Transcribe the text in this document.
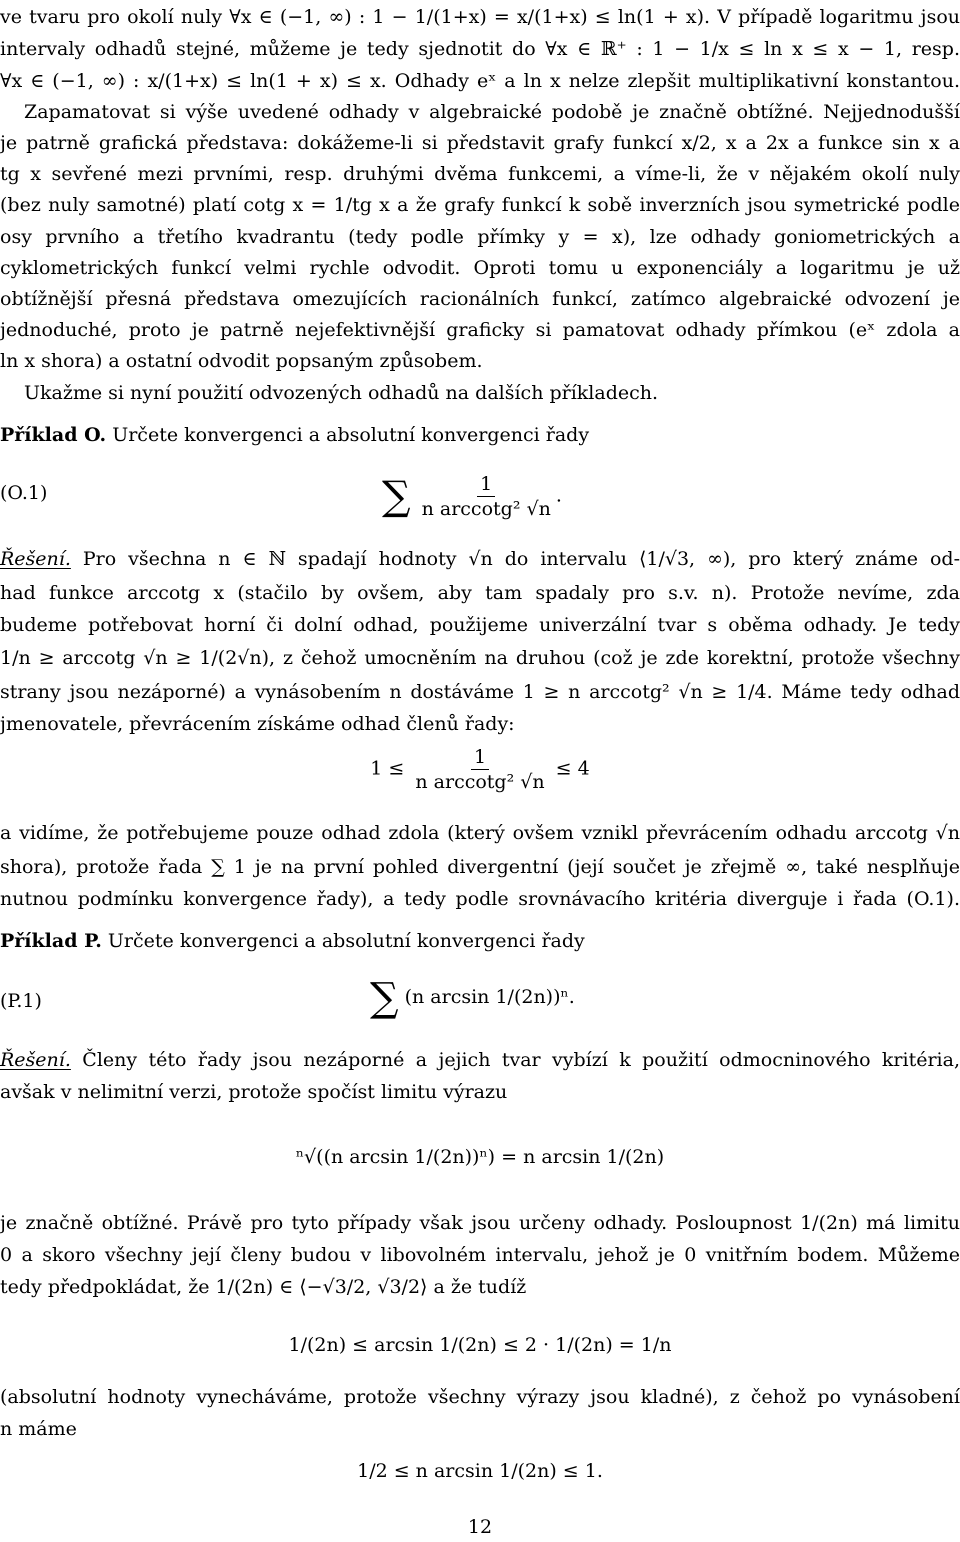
ve tvaru pro okolí nuly ∀x ∈ (−1, ∞) : 1 − 1/(1+x) = x/(1+x) ≤ ln(1 + x). V případě logaritmu jsou
intervaly odhadů stejné, můžeme je tedy sjednotit do ∀x ∈ ℝ⁺ : 1 − 1/x ≤ ln x ≤ x − 1, resp.
∀x ∈ (−1, ∞) : x/(1+x) ≤ ln(1 + x) ≤ x. Odhady eˣ a ln x nelze zlepšit multiplikativní konstantou.
Zapamatovat si výše uvedené odhady v algebraické podobě je značně obtížné. Nejjednodušší
je patrně grafická představa: dokážeme-li si představit grafy funkcí x/2, x a 2x a funkce sin x a
tg x sevřené mezi prvními, resp. druhými dvěma funkcemi, a víme-li, že v nějakém okolí nuly
(bez nuly samotné) platí cotg x = 1/tg x a že grafy funkcí k sobě inverzních jsou symetrické podle
osy prvního a třetího kvadrantu (tedy podle přímky y = x), lze odhady goniometrických a
cyklometrických funkcí velmi rychle odvodit. Oproti tomu u exponenciály a logaritmu je už
obtížnější přesná představa omezujících racionálních funkcí, zatímco algebraické odvození je
jednoduché, proto je patrně nejefektivnější graficky si pamatovat odhady přímkou (eˣ zdola a
ln x shora) a ostatní odvodit popsaným způsobem.
Ukažme si nyní použití odvozených odhadů na dalších příkladech.
Příklad O. Určete konvergenci a absolutní konvergenci řady
(O.1)	∑ $\frac{1}{\text{n arccotg² √n}}$ .
Řešení. Pro všechna n ∈ ℕ spadají hodnoty √n do intervalu ⟨1/√3, ∞), pro který známe od-
had funkce arccotg x (stačilo by ovšem, aby tam spadaly pro s.v. n). Protože nevíme, zda
budeme potřebovat horní či dolní odhad, použijeme univerzální tvar s oběma odhady. Je tedy
1/n ≥ arccotg √n ≥ 1/(2√n), z čehož umocněním na druhou (což je zde korektní, protože všechny
strany jsou nezáporné) a vynásobením n dostáváme 1 ≥ n arccotg² √n ≥ 1/4. Máme tedy odhad
jmenovatele, převrácením získáme odhad členů řady:
$1 \le \frac{1}{\text{n arccotg² √n}} \le 4$
a vidíme, že potřebujeme pouze odhad zdola (který ovšem vznikl převrácením odhadu arccotg √n
shora), protože řada ∑ 1 je na první pohled divergentní (její součet je zřejmě ∞, také nesplňuje
nutnou podmínku konvergence řady), a tedy podle srovnávacího kritéria diverguje i řada (O.1).
Příklad P. Určete konvergenci a absolutní konvergenci řady
(P.1)	∑ (n arcsin 1/(2n))ⁿ.
Řešení. Členy této řady jsou nezáporné a jejich tvar vybízí k použití odmocninového kritéria,
avšak v nelimitní verzi, protože spočíst limitu výrazu
ⁿ√((n arcsin 1/(2n))ⁿ) = n arcsin 1/(2n)
je značně obtížné. Právě pro tyto případy však jsou určeny odhady. Posloupnost 1/(2n) má limitu
0 a skoro všechny její členy budou v libovolném intervalu, jehož je 0 vnitřním bodem. Můžeme
tedy předpokládat, že 1/(2n) ∈ ⟨−√3/2, √3/2⟩ a že tudíž
1/(2n) ≤ arcsin 1/(2n) ≤ 2 · 1/(2n) = 1/n
(absolutní hodnoty vynecháváme, protože všechny výrazy jsou kladné), z čehož po vynásobení
n máme
1/2 ≤ n arcsin 1/(2n) ≤ 1.
12
